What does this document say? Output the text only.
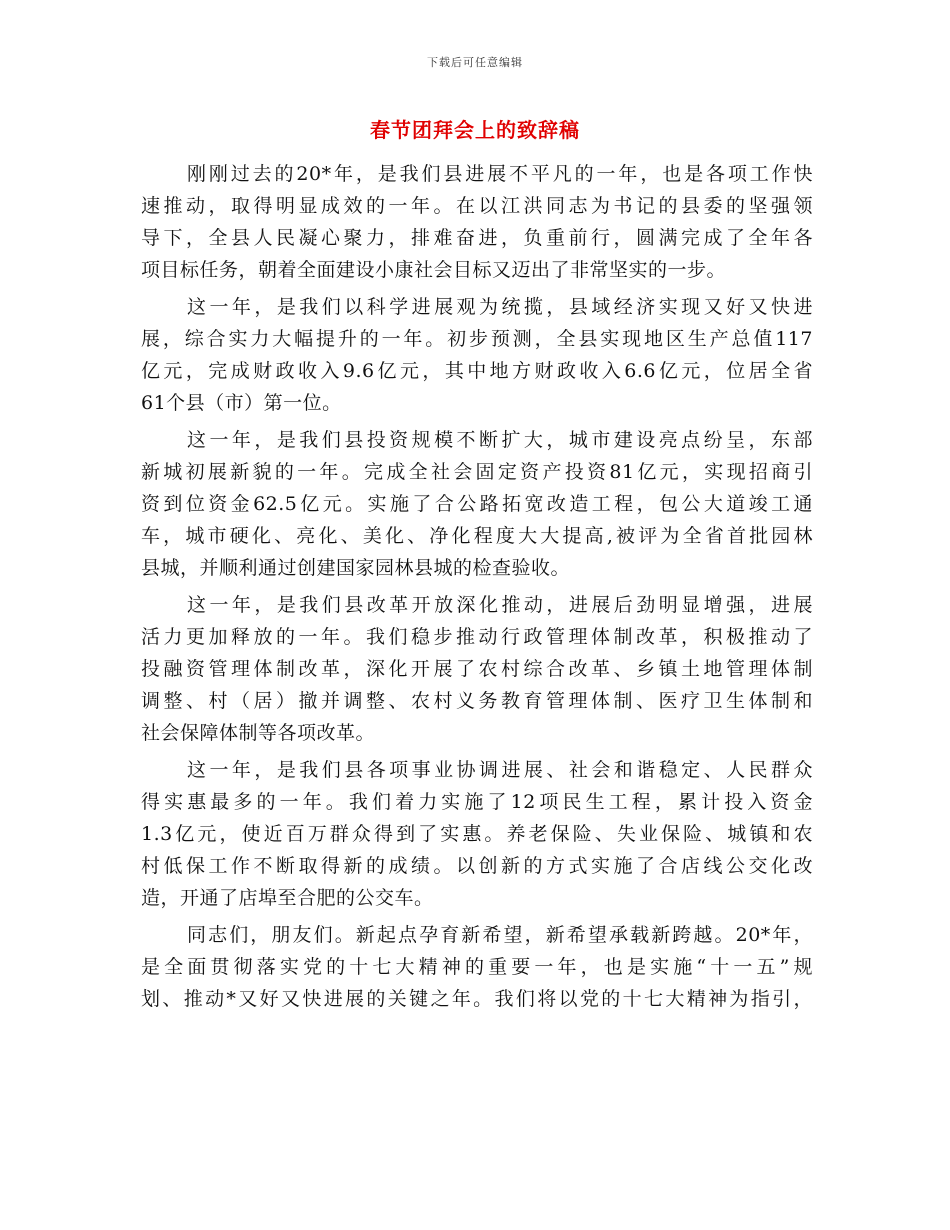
下载后可任意编辑
春节团拜会上的致辞稿
刚刚过去的20*年，是我们县进展不平凡的一年，也是各项工作快
速推动，取得明显成效的一年。在以江洪同志为书记的县委的坚强领
导下，全县人民凝心聚力，排难奋进，负重前行，圆满完成了全年各
项目标任务，朝着全面建设小康社会目标又迈出了非常坚实的一步。
这一年，是我们以科学进展观为统揽，县域经济实现又好又快进
展，综合实力大幅提升的一年。初步预测，全县实现地区生产总值117
亿元，完成财政收入9.6亿元，其中地方财政收入6.6亿元，位居全省
61个县（市）第一位。
这一年，是我们县投资规模不断扩大，城市建设亮点纷呈，东部
新城初展新貌的一年。完成全社会固定资产投资81亿元，实现招商引
资到位资金62.5亿元。实施了合公路拓宽改造工程，包公大道竣工通
车，城市硬化、亮化、美化、净化程度大大提高,被评为全省首批园林
县城，并顺利通过创建国家园林县城的检查验收。
这一年，是我们县改革开放深化推动，进展后劲明显增强，进展
活力更加释放的一年。我们稳步推动行政管理体制改革，积极推动了
投融资管理体制改革，深化开展了农村综合改革、乡镇土地管理体制
调整、村（居）撤并调整、农村义务教育管理体制、医疗卫生体制和
社会保障体制等各项改革。
这一年，是我们县各项事业协调进展、社会和谐稳定、人民群众
得实惠最多的一年。我们着力实施了12项民生工程，累计投入资金
1.3亿元，使近百万群众得到了实惠。养老保险、失业保险、城镇和农
村低保工作不断取得新的成绩。以创新的方式实施了合店线公交化改
造，开通了店埠至合肥的公交车。
同志们，朋友们。新起点孕育新希望，新希望承载新跨越。20*年，
是全面贯彻落实党的十七大精神的重要一年，也是实施“十一五”规
划、推动*又好又快进展的关键之年。我们将以党的十七大精神为指引，
